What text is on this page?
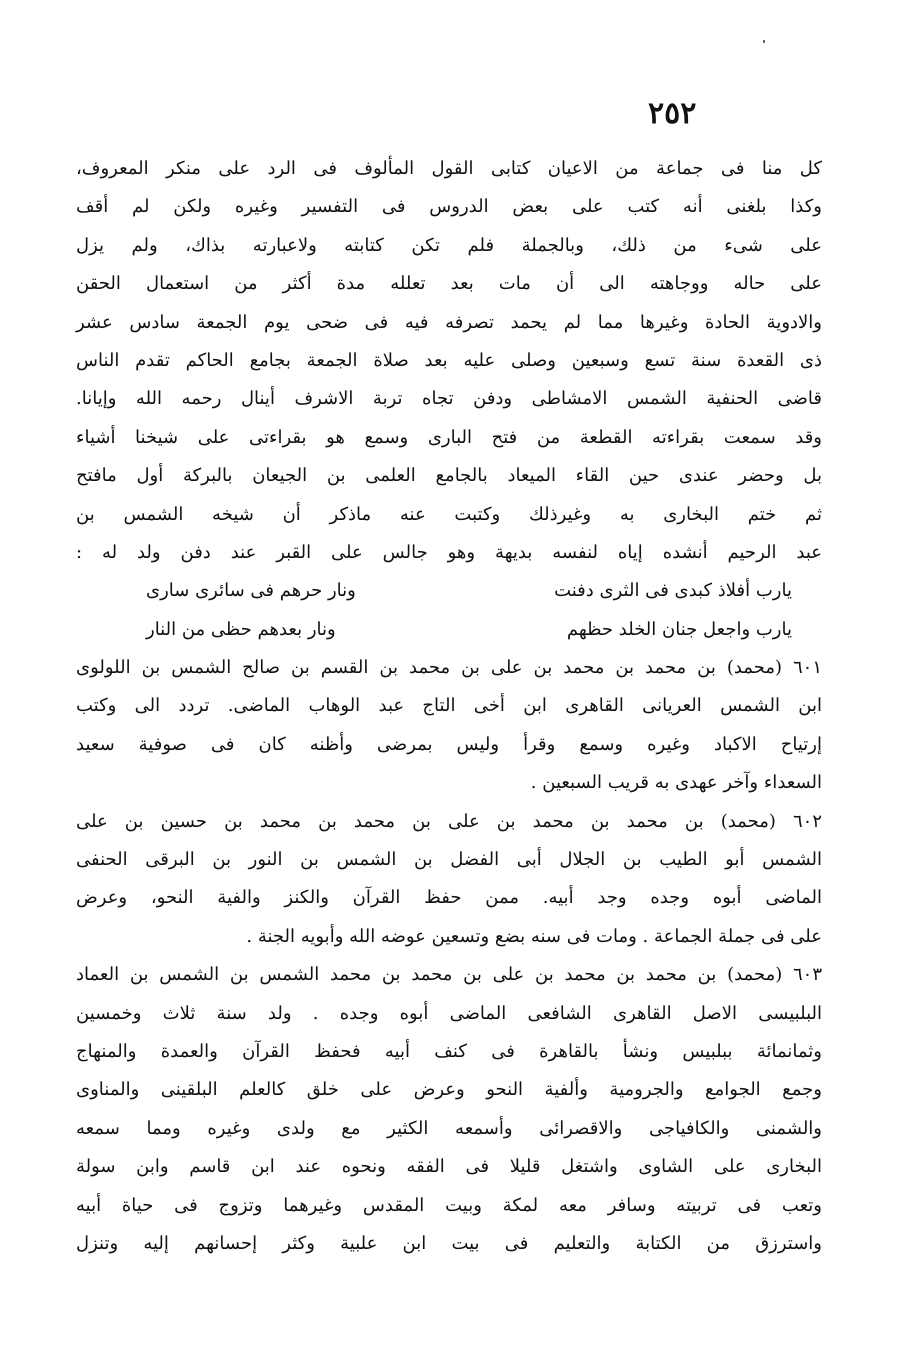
٢٥٢
كل منا فى جماعة من الاعيان كتابى القول المألوف فى الرد على منكر المعروف،
وكذا بلغنى أنه كتب على بعض الدروس فى التفسير وغيره ولكن لم أقف
على شىء من ذلك، وبالجملة فلم تكن كتابته ولاعبارته بذاك، ولم يزل
على حاله ووجاهته الى أن مات بعد تعلله مدة أكثر من استعمال الحقن
والادوية الحادة وغيرها مما لم يحمد تصرفه فيه فى ضحى يوم الجمعة سادس عشر
ذى القعدة سنة تسع وسبعين وصلى عليه بعد صلاة الجمعة بجامع الحاكم تقدم الناس
قاضى الحنفية الشمس الامشاطى ودفن تجاه تربة الاشرف أينال رحمه الله وإيانا.
وقد سمعت بقراءته القطعة من فتح البارى وسمع هو بقراءتى على شيخنا أشياء
بل وحضر عندى حين القاء الميعاد بالجامع العلمى بن الجيعان بالبركة أول مافتح
ثم ختم البخارى به وغيرذلك وكتبت عنه ماذكر أن شيخه الشمس بن
عبد الرحيم أنشده إياه لنفسه بديهة وهو جالس على القبر عند دفن ولد له :
يارب أفلاذ كبدى فى الثرى دفنت
ونار حرهم فى سائرى سارى
يارب واجعل جنان الخلد حظهم
ونار بعدهم حظى من النار
٦٠١ (محمد) بن محمد بن محمد بن على بن محمد بن القسم بن صالح الشمس بن اللولوى
ابن الشمس العريانى القاهرى ابن أخى التاج عبد الوهاب الماضى. تردد الى وكتب
إرتياح الاكباد وغيره وسمع وقرأ وليس بمرضى وأظنه كان فى صوفية سعيد
السعداء وآخر عهدى به قريب السبعين .
٦٠٢ (محمد) بن محمد بن محمد بن على بن محمد بن محمد بن حسين بن على
الشمس أبو الطيب بن الجلال أبى الفضل بن الشمس بن النور بن البرقى الحنفى
الماضى أبوه وجده وجد أبيه. ممن حفظ القرآن والكنز والفية النحو، وعرض
على فى جملة الجماعة . ومات فى سنه بضع وتسعين عوضه الله وأبويه الجنة .
٦٠٣ (محمد) بن محمد بن محمد بن على بن محمد بن محمد الشمس بن الشمس بن العماد
البلبيسى الاصل القاهرى الشافعى الماضى أبوه وجده . ولد سنة ثلاث وخمسين
وثمانمائة ببلبيس ونشأ بالقاهرة فى كنف أبيه فحفظ القرآن والعمدة والمنهاج
وجمع الجوامع والجرومية وألفية النحو وعرض على خلق كالعلم البلقينى والمناوى
والشمنى والكافياجى والاقصرائى وأسمعه الكثير مع ولدى وغيره ومما سمعه
البخارى على الشاوى واشتغل قليلا فى الفقه ونحوه عند ابن قاسم وابن سولة
وتعب فى تربيته وسافر معه لمكة وبيت المقدس وغيرهما وتزوج فى حياة أبيه
واسترزق من الكتابة والتعليم فى بيت ابن علبية وكثر إحسانهم إليه وتنزل
